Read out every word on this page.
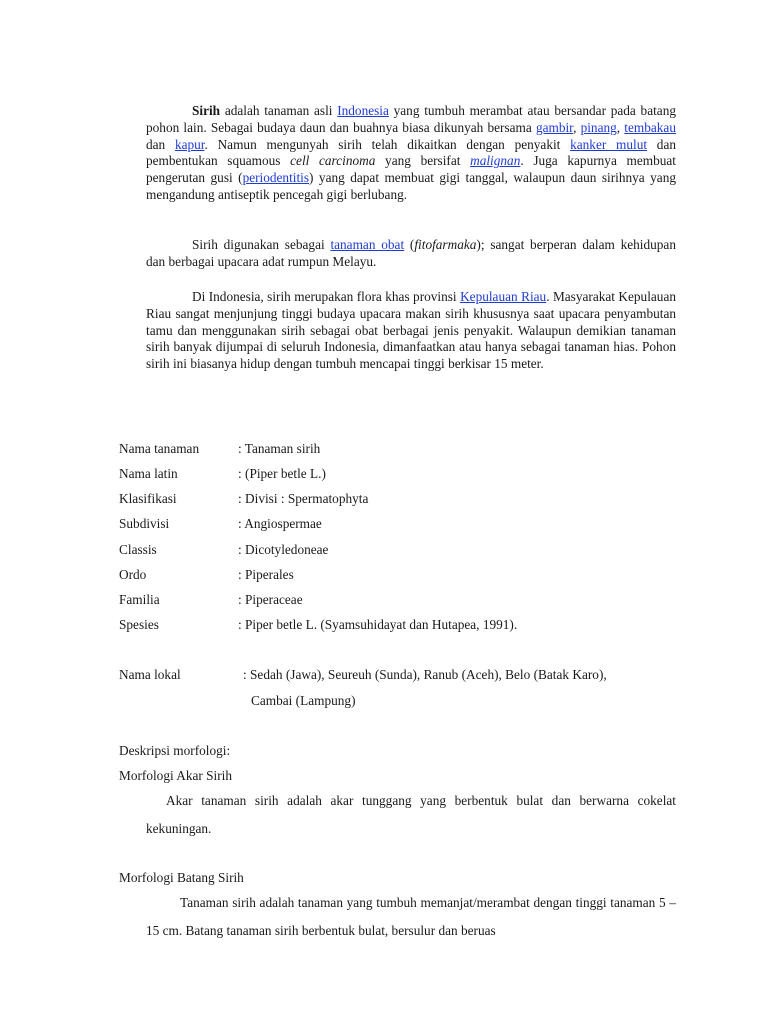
Sirih adalah tanaman asli Indonesia yang tumbuh merambat atau bersandar pada batang pohon lain. Sebagai budaya daun dan buahnya biasa dikunyah bersama gambir, pinang, tembakau dan kapur. Namun mengunyah sirih telah dikaitkan dengan penyakit kanker mulut dan pembentukan squamous cell carcinoma yang bersifat malignan. Juga kapurnya membuat pengerutan gusi (periodentitis) yang dapat membuat gigi tanggal, walaupun daun sirihnya yang mengandung antiseptik pencegah gigi berlubang.

Sirih digunakan sebagai tanaman obat (fitofarmaka); sangat berperan dalam kehidupan dan berbagai upacara adat rumpun Melayu.

Di Indonesia, sirih merupakan flora khas provinsi Kepulauan Riau. Masyarakat Kepulauan Riau sangat menjunjung tinggi budaya upacara makan sirih khususnya saat upacara penyambutan tamu dan menggunakan sirih sebagai obat berbagai jenis penyakit. Walaupun demikian tanaman sirih banyak dijumpai di seluruh Indonesia, dimanfaatkan atau hanya sebagai tanaman hias. Pohon sirih ini biasanya hidup dengan tumbuh mencapai tinggi berkisar 15 meter.

Nama tanaman	: Tanaman sirih
Nama latin	: (Piper betle L.)
Klasifikasi	: Divisi : Spermatophyta
Subdivisi	: Angiospermae
Classis	: Dicotyledoneae
Ordo	: Piperales
Familia	: Piperaceae
Spesies	: Piper betle L. (Syamsuhidayat dan Hutapea, 1991).
Nama lokal	: Sedah (Jawa), Seureuh (Sunda), Ranub (Aceh), Belo (Batak Karo),
Cambai (Lampung)
Deskripsi morfologi:
Morfologi Akar Sirih

Akar tanaman sirih adalah akar tunggang yang berbentuk bulat dan berwarna cokelat kekuningan.

Morfologi Batang Sirih

Tanaman sirih adalah tanaman yang tumbuh memanjat/merambat dengan tinggi tanaman 5 – 15 cm. Batang tanaman sirih berbentuk bulat, bersulur dan beruas
